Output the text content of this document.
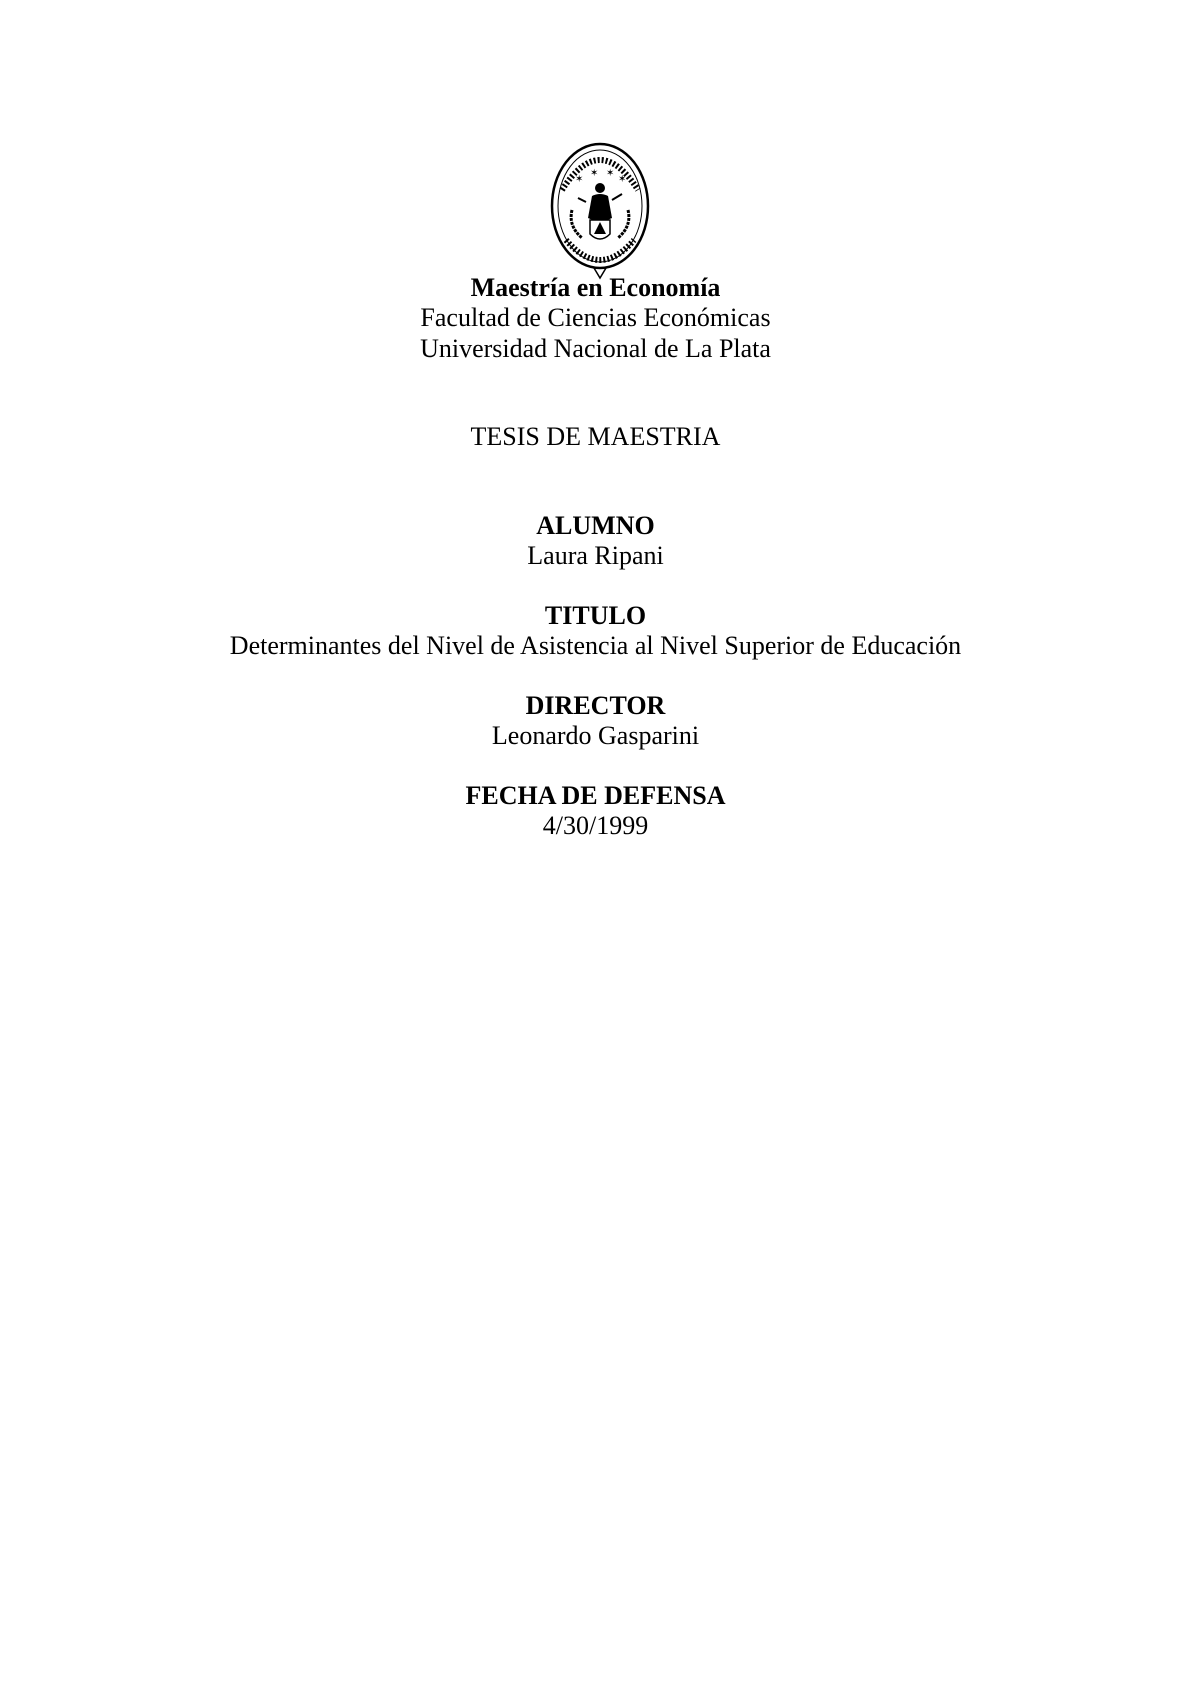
✶
✶ ✶
✶
Maestría en Economía
Facultad de Ciencias Económicas
Universidad Nacional de La Plata
TESIS DE MAESTRIA
ALUMNO
Laura Ripani
TITULO
Determinantes del Nivel de Asistencia al Nivel Superior de Educación
DIRECTOR
Leonardo Gasparini
FECHA DE DEFENSA
4/30/1999
